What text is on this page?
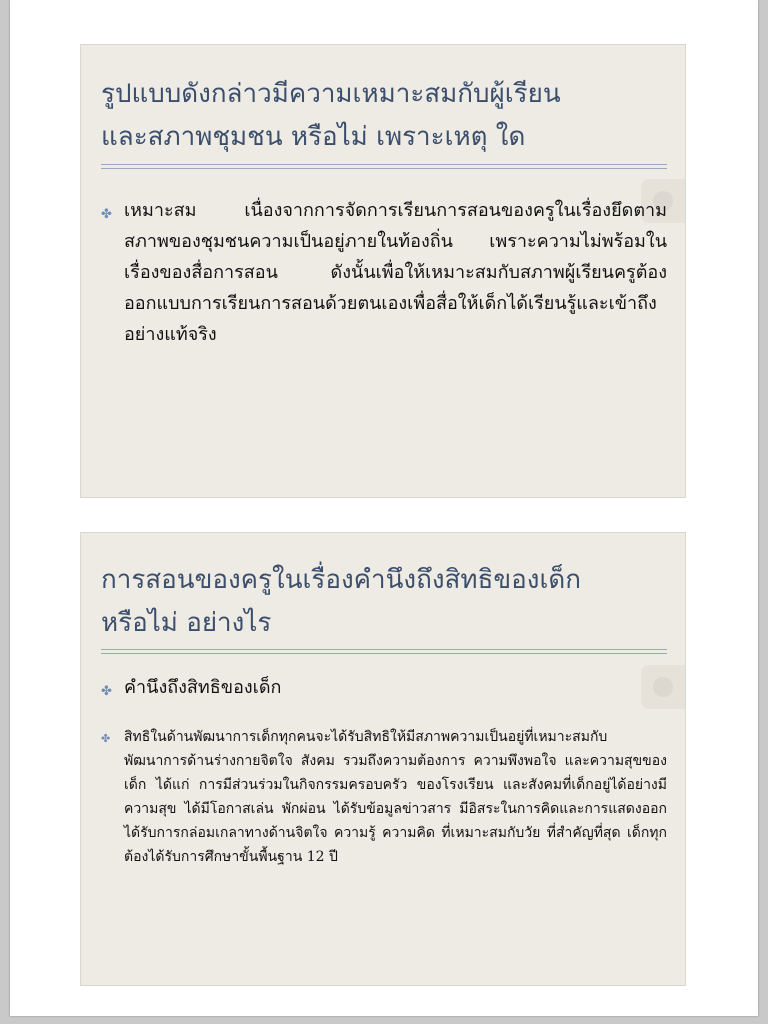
รูปแบบดังกล่าวมีความเหมาะสมกับผู้เรียน
และสภาพชุมชน หรือไม่ เพราะเหตุ ใด
✤ เหมาะสม เนื่องจากการจัดการเรียนการสอนของครูในเรื่องยึดตามสภาพของชุมชนความเป็นอยู่ภายในท้องถิ่น เพราะความไม่พร้อมในเรื่องของสื่อการสอน ดังนั้นเพื่อให้เหมาะสมกับสภาพผู้เรียนครูต้องออกแบบการเรียนการสอนด้วยตนเองเพื่อสื่อให้เด็กได้เรียนรู้และเข้าถึงอย่างแท้จริง
การสอนของครูในเรื่องคำนึงถึงสิทธิของเด็ก
หรือไม่ อย่างไร
✤ คำนึงถึงสิทธิของเด็ก
✤ สิทธิในด้านพัฒนาการเด็กทุกคนจะได้รับสิทธิให้มีสภาพความเป็นอยู่ที่เหมาะสมกับพัฒนาการด้านร่างกายจิตใจ สังคม รวมถึงความต้องการ ความพึงพอใจ และความสุขของเด็ก ได้แก่ การมีส่วนร่วมในกิจกรรมครอบครัว ของโรงเรียน และสังคมที่เด็กอยู่ได้อย่างมีความสุข ได้มีโอกาสเล่น พักผ่อน ได้รับข้อมูลข่าวสาร มีอิสระในการคิดและการแสดงออก ได้รับการกล่อมเกลาทางด้านจิตใจ ความรู้ ความคิด ที่เหมาะสมกับวัย ที่สำคัญที่สุด เด็กทุกต้องได้รับการศึกษาขั้นพื้นฐาน 12 ปี
